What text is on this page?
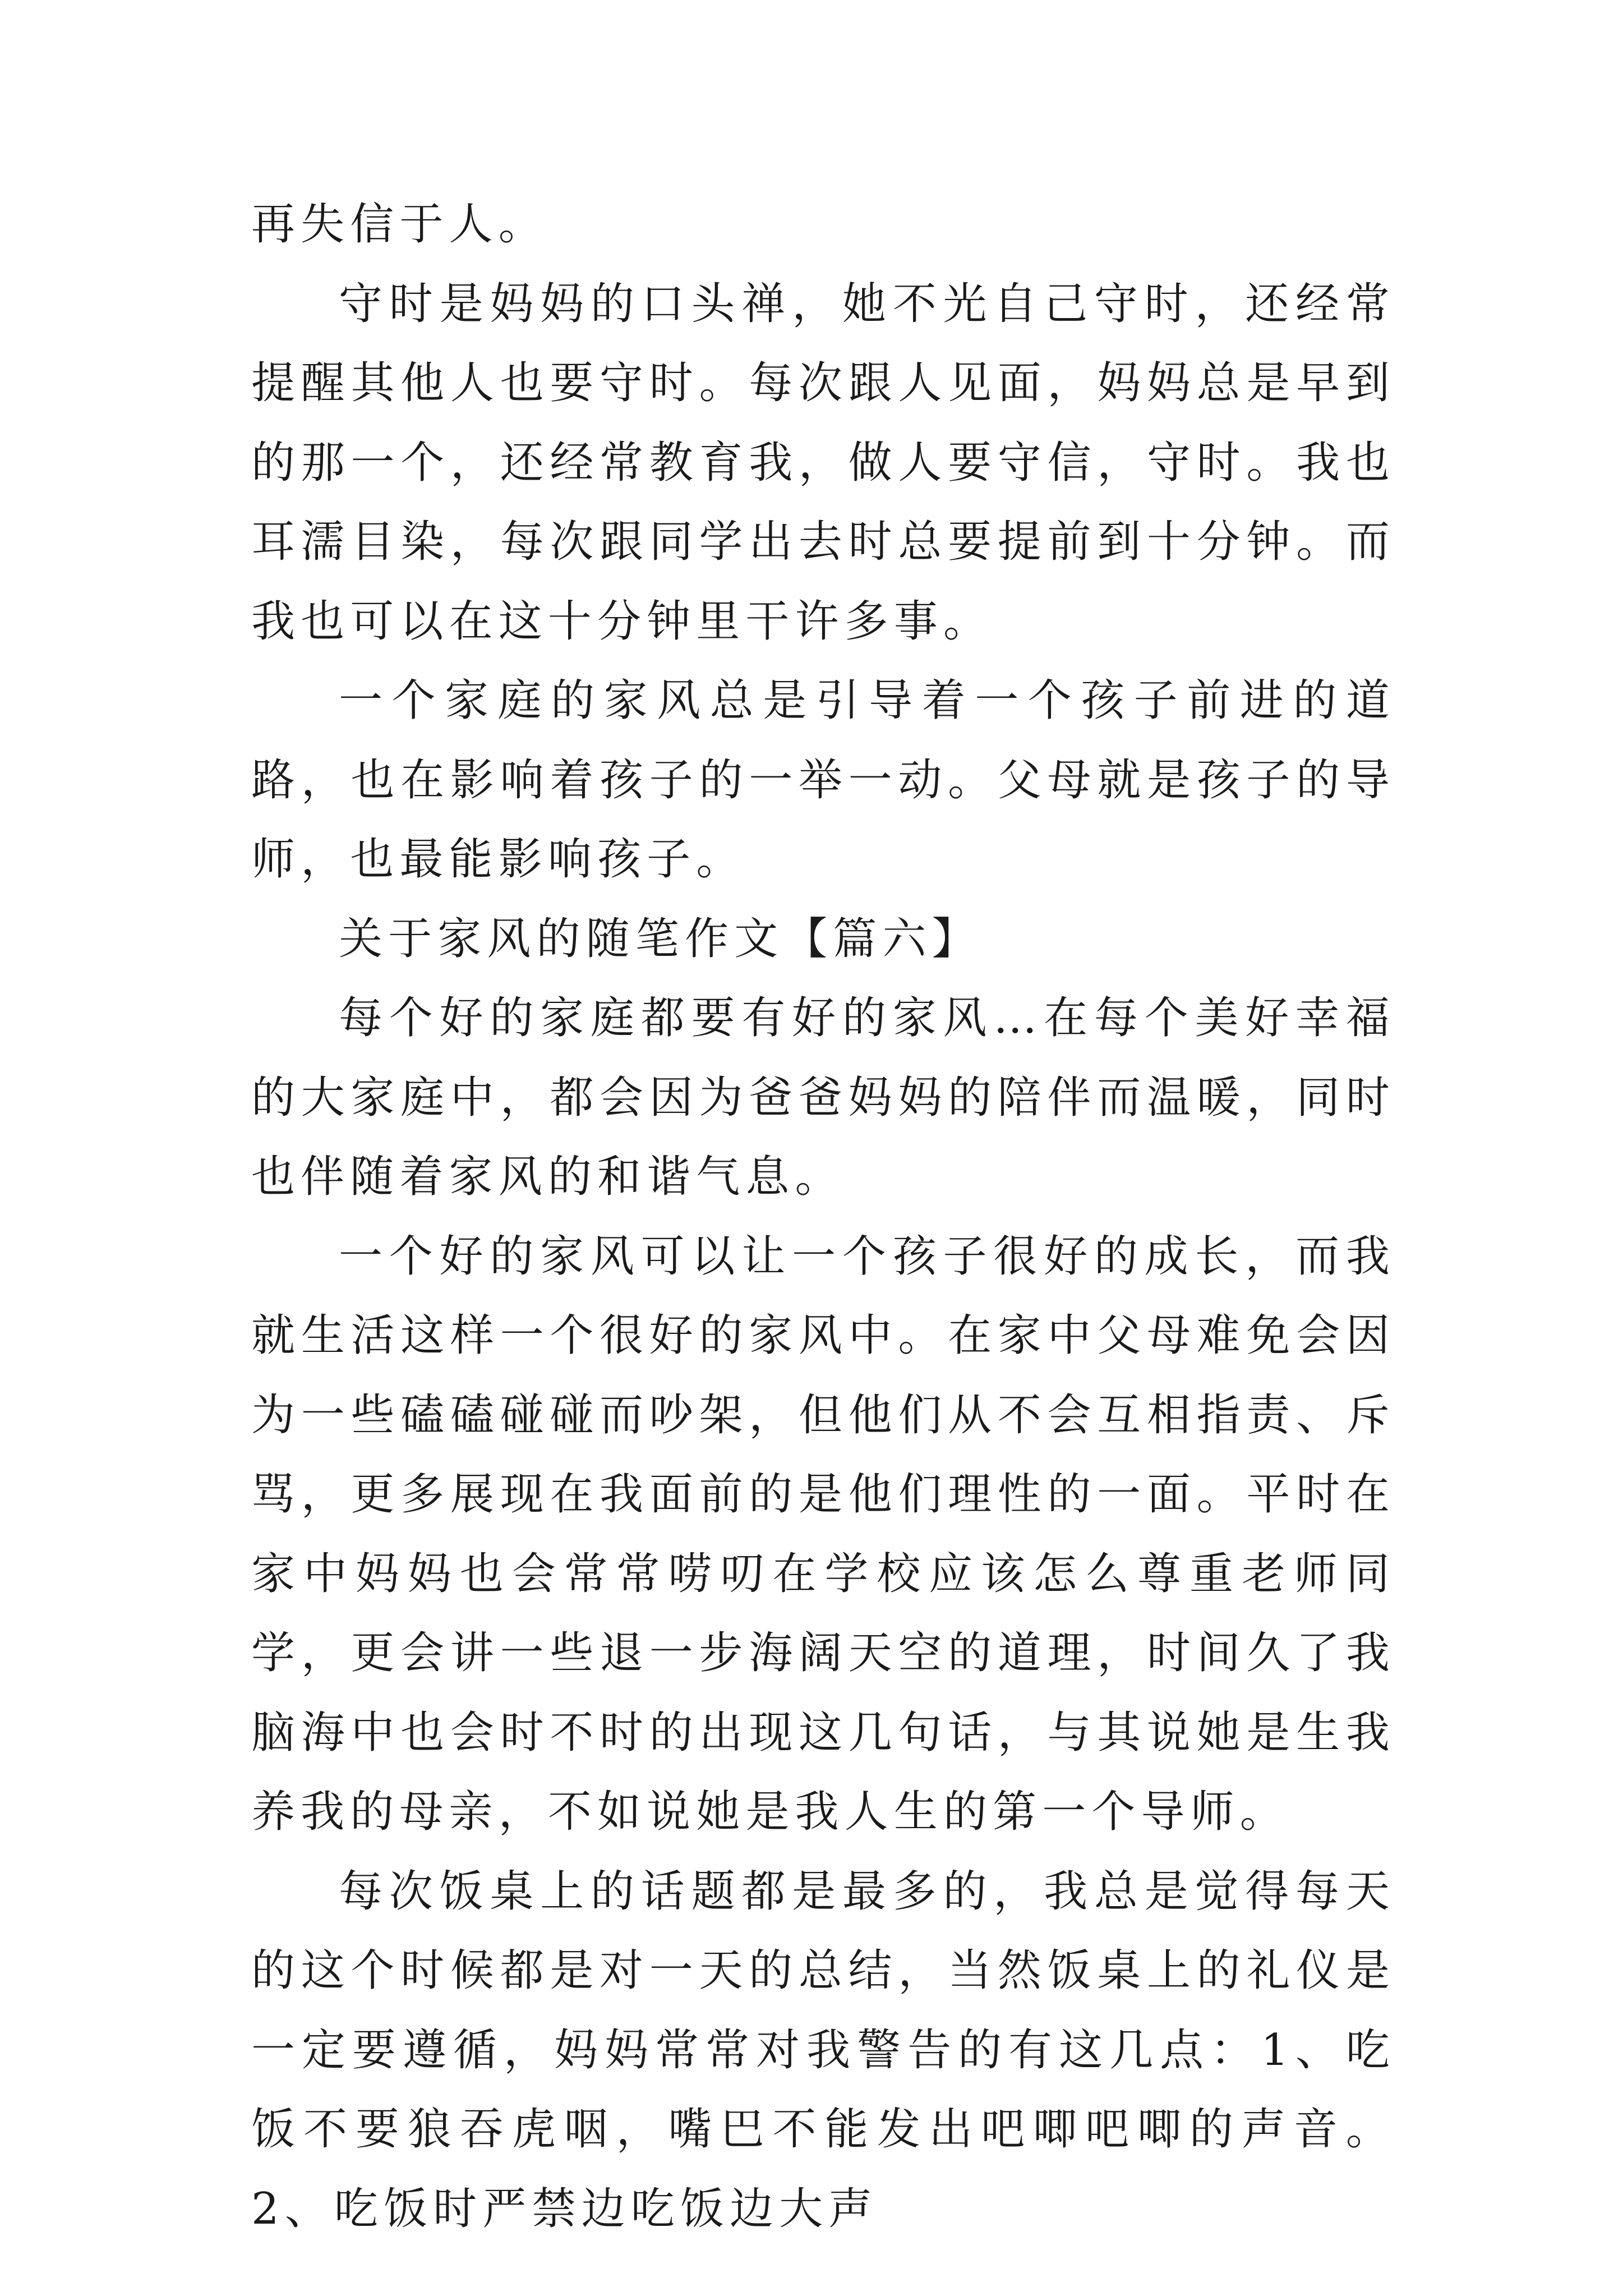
再失信于人。

守时是妈妈的口头禅，她不光自己守时，还经常提醒其他人也要守时。每次跟人见面，妈妈总是早到的那一个，还经常教育我，做人要守信，守时。我也耳濡目染，每次跟同学出去时总要提前到十分钟。而我也可以在这十分钟里干许多事。

一个家庭的家风总是引导着一个孩子前进的道路，也在影响着孩子的一举一动。父母就是孩子的导师，也最能影响孩子。

关于家风的随笔作文【篇六】

每个好的家庭都要有好的家风…在每个美好幸福的大家庭中，都会因为爸爸妈妈的陪伴而温暖，同时也伴随着家风的和谐气息。

一个好的家风可以让一个孩子很好的成长，而我就生活这样一个很好的家风中。在家中父母难免会因为一些磕磕碰碰而吵架，但他们从不会互相指责、斥骂，更多展现在我面前的是他们理性的一面。平时在家中妈妈也会常常唠叨在学校应该怎么尊重老师同学，更会讲一些退一步海阔天空的道理，时间久了我脑海中也会时不时的出现这几句话，与其说她是生我养我的母亲，不如说她是我人生的第一个导师。

每次饭桌上的话题都是最多的，我总是觉得每天的这个时候都是对一天的总结，当然饭桌上的礼仪是一定要遵循，妈妈常常对我警告的有这几点：1、吃饭不要狼吞虎咽，嘴巴不能发出吧唧吧唧的声音。2、吃饭时严禁边吃饭边大声
